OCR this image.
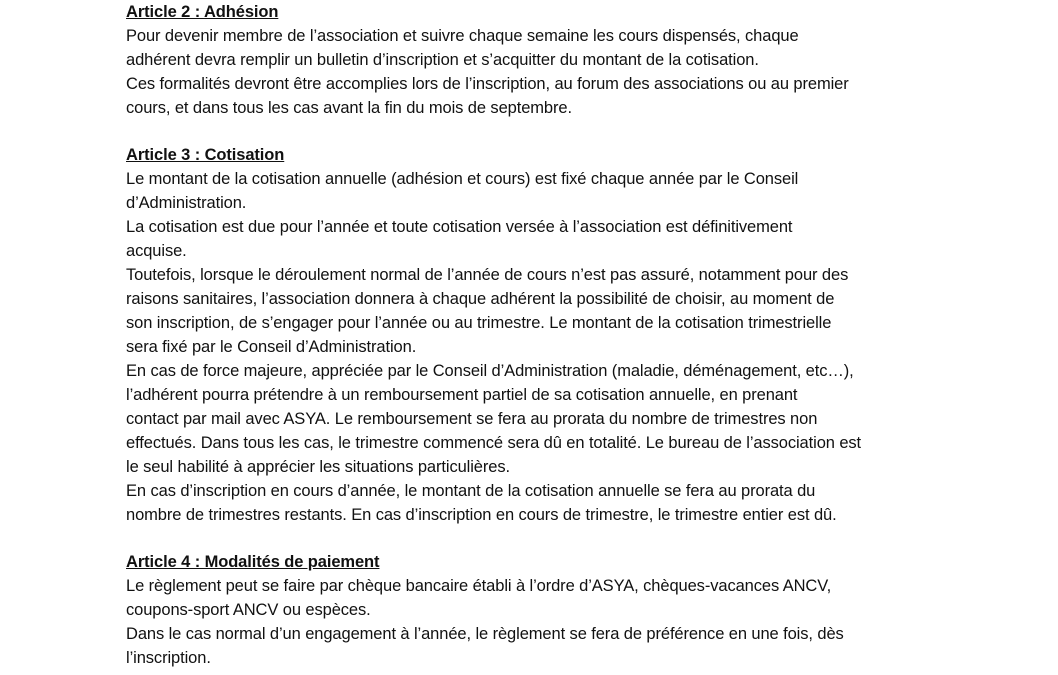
Article 2 : Adhésion
Pour devenir membre de l’association et suivre chaque semaine les cours dispensés, chaque
adhérent devra remplir un bulletin d’inscription et s’acquitter du montant de la cotisation.
Ces formalités devront être accomplies lors de l’inscription, au forum des associations ou au premier
cours, et dans tous les cas avant la fin du mois de septembre.
Article 3 : Cotisation
Le montant de la cotisation annuelle (adhésion et cours) est fixé chaque année par le Conseil
d’Administration.
La cotisation est due pour l’année et toute cotisation versée à l’association est définitivement
acquise.
Toutefois, lorsque le déroulement normal de l’année de cours n’est pas assuré, notamment pour des
raisons sanitaires, l’association donnera à chaque adhérent la possibilité de choisir, au moment de
son inscription, de s’engager pour l’année ou au trimestre. Le montant de la cotisation trimestrielle
sera fixé par le Conseil d’Administration.
En cas de force majeure, appréciée par le Conseil d’Administration (maladie, déménagement, etc…),
l’adhérent pourra prétendre à un remboursement partiel de sa cotisation annuelle, en prenant
contact par mail avec ASYA. Le remboursement se fera au prorata du nombre de trimestres non
effectués. Dans tous les cas, le trimestre commencé sera dû en totalité. Le bureau de l’association est
le seul habilité à apprécier les situations particulières.
En cas d’inscription en cours d’année, le montant de la cotisation annuelle se fera au prorata du
nombre de trimestres restants. En cas d’inscription en cours de trimestre, le trimestre entier est dû.
Article 4 : Modalités de paiement
Le règlement peut se faire par chèque bancaire établi à l’ordre d’ASYA, chèques-vacances ANCV,
coupons-sport ANCV ou espèces.
Dans le cas normal d’un engagement à l’année, le règlement se fera de préférence en une fois, dès
l’inscription.
